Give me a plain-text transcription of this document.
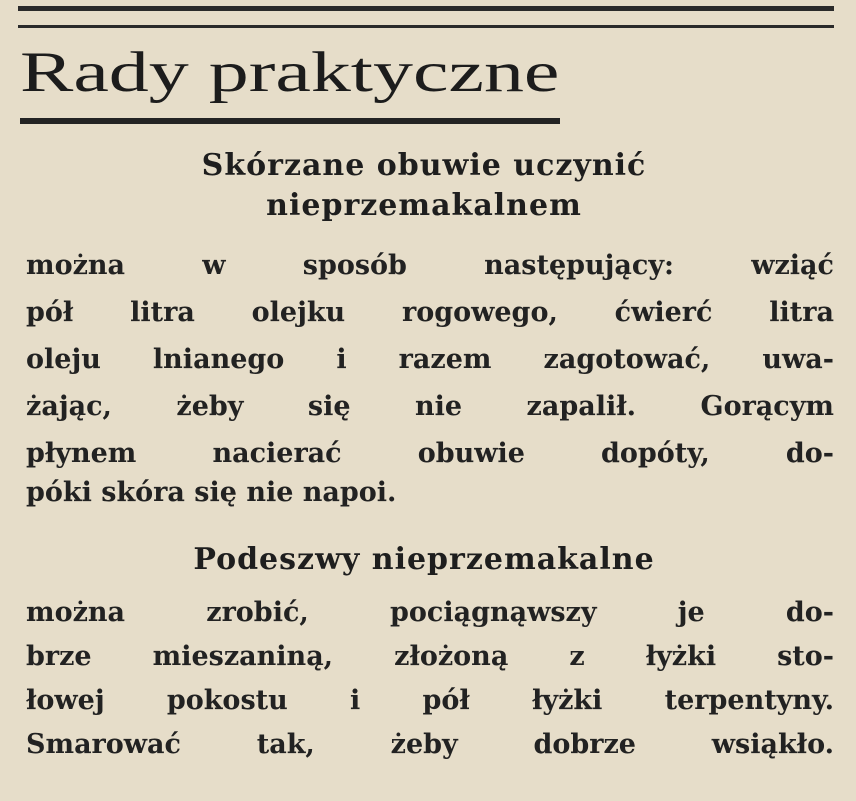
Rady praktyczne
Skórzane obuwie uczynić
nieprzemakalnem
można w sposób następujący: wziąć
pół litra olejku rogowego, ćwierć litra
oleju lnianego i razem zagotować, uwa-
żając, żeby się nie zapalił. Gorącym
płynem nacierać obuwie dopóty, do-
póki skóra się nie napoi.
Podeszwy nieprzemakalne
można zrobić, pociągnąwszy je do-
brze mieszaniną, złożoną z łyżki sto-
łowej pokostu i pół łyżki terpentyny.
Smarować tak, żeby dobrze wsiąkło.
